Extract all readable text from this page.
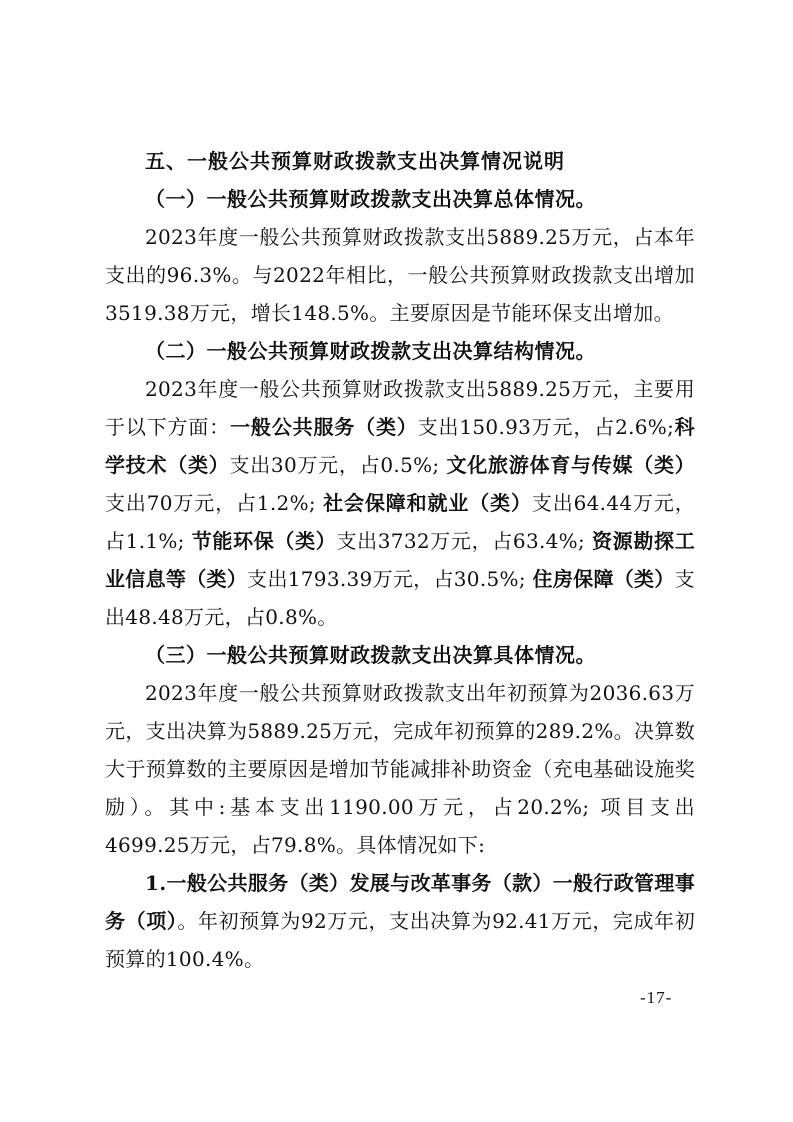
五、一般公共预算财政拨款支出决算情况说明
（一）一般公共预算财政拨款支出决算总体情况。
2023年度一般公共预算财政拨款支出5889.25万元，占本年支出的96.3%。与2022年相比，一般公共预算财政拨款支出增加3519.38万元，增长148.5%。主要原因是节能环保支出增加。
（二）一般公共预算财政拨款支出决算结构情况。
2023年度一般公共预算财政拨款支出5889.25万元，主要用于以下方面：一般公共服务（类）支出150.93万元，占2.6%;科学技术（类）支出30万元，占0.5%; 文化旅游体育与传媒（类）支出70万元，占1.2%; 社会保障和就业（类）支出64.44万元，占1.1%; 节能环保（类）支出3732万元，占63.4%; 资源勘探工业信息等（类）支出1793.39万元，占30.5%; 住房保障（类）支出48.48万元，占0.8%。
（三）一般公共预算财政拨款支出决算具体情况。
2023年度一般公共预算财政拨款支出年初预算为2036.63万元，支出决算为5889.25万元，完成年初预算的289.2%。决算数大于预算数的主要原因是增加节能减排补助资金（充电基础设施奖励）。其中:基本支出1190.00万元，占20.2%; 项目支出4699.25万元，占79.8%。具体情况如下:
1.一般公共服务（类）发展与改革事务（款）一般行政管理事务（项）。年初预算为92万元，支出决算为92.41万元，完成年初预算的100.4%。
-17-
